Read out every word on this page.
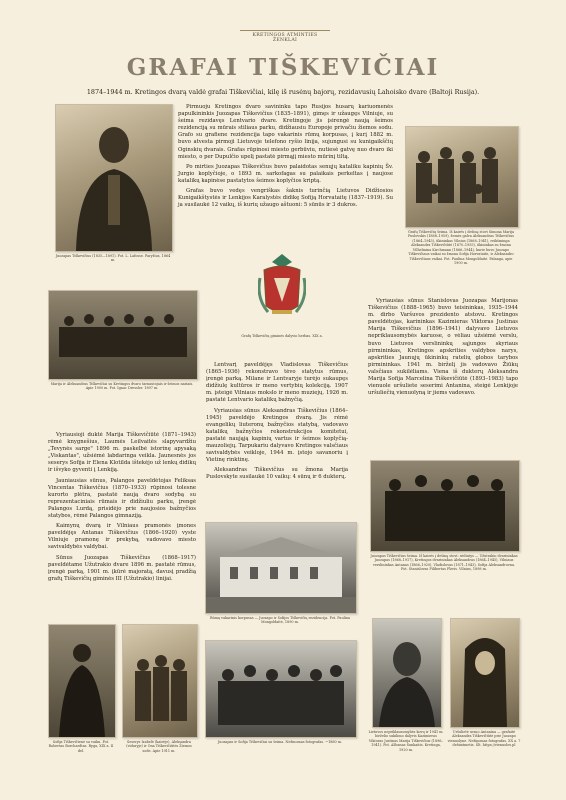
KRETINGOS ATMINTIES ŽENKLAI
GRAFAI TIŠKEVIČIAI
1874–1944 m. Kretingos dvarą valdė grafai Tiškevičiai, kilę iš rusėnų bajorų, rezidavusių Lahoisko dvare (Baltoji Rusija).
Juozapas Tiškevičius (1835—1891). Fot. L. Lafosse. Paryžius, 1864 m.

Pirmuoju Kretingos dvaro savininku tapo Rusijos husarų kariuomenės papulkininkis Juozapas Tiškevičius (1835–1891), gimęs ir užaugęs Vilniuje, su šeima rezidavęs Lentvario dvare. Kretingoje jis įsirengė naują šeimos rezidenciją su mūrais stiliaus parku, didžiausiu Europoje privačiu žiemos sodu. Grafo su grafiene rezidencija tapo vakarinis rūmų korpusas, į kurį 1882 m. buvo atvesta pirmoji Lietuvoje telefono ryšio linija, sujungusi su kunigaikščių Oginskių dvarais. Grafas rūpinosi miesto gerbūviu, nutiesė gatvę nuo dvaro iki miesto, o per Dupulčio upelį pastatė pirmąjį miesto mūrinį tiltą.

Po mirties Juozapas Tiškevičius buvo palaidotas senųjų kataliku kapinių Šv. Jurgio koplyčioje, o 1893 m. sarkofagas su palaikais perkeltas į naujose katalikų kapinėse pastatytos šeimos koplyčios kriptą.

Grafas buvo vedęs vengriškas šaknis turinčią Lietuvos Didžiosios Kunigaikštystės ir Lenkijos Karalystės didikę Sofiją Horvataitę (1837–1919). Su ja susilaukė 12 vaikų, iš kurių užaugo aštuoni: 5 sūnūs ir 3 dukros.

Grafų Tiškevičių šeima. Iš kairės į dešinę stovi Simona Marija Puslovskis (1888–1959), žemės galva Aleksandras Tiškevičius (1864–1945), ūkininkas Vilnius (1868–1941), reikšminga Aleksandra Tiškevičiūtė (1870–1955), ūkininkas su žmona Vilhelmina Kirchmann (1866–1944), kurie buvo Juozapo Tiškevičiaus vaikai su žmona Sofija Horvataite, ir Aleksandro Tiškevičiaus vaikai. Fot. Paulina Mongoldaitė. Palanga, apie 1900 m.
Grafų Tiškevičių giminės dalyvio herbas. XIX a.
Marija ir Aleksandras Tiškevičiai su Kretingos dvaro tarnautojais ir šeimos nariais. Apie 1900 m. Fot. Ignac Dressler. 1897 m.

Lentvarį paveldėjęs Vladislovas Tiškevičius (1865–1936) rekonstravo tėvo statytus rūmus, įrengė parką. Milane ir Lentvaryje turėjo sukaupęs didžiulę kultūros ir meno vertybių kolekciją. 1907 m. įsteigė Vilniaus mokslo ir meno muziejų. 1926 m. pastatė Lentvario katalikų bažnyčią.

Vyriausias sūnus Aleksandras Tiškevičius (1864–1945) paveldėjo Kretingos dvarą. Jis rėmė evangelikų liuteronų bažnyčios statybą, vadovavo katalikų bažnyčios rekonstrukcijos komitetui, pastatė naująją kapinių vartus ir šeimos koplyčią-mauzoliejų. Tarpukariu dalyvavo Kretingos valsčiaus savivaldybės veikloje, 1944 m. įstojo savanoriu į Vietinę rinktinę.

Aleksandras Tiškevičius su žmona Marija Puslovskyte susilaukė 10 vaikų: 4 sūnų ir 6 dukterų.

Vyriausias sūnus Stanislovas Juozapas Marijonas Tiškevičius (1888–1965) buvo teisininkas, 1935–1944 m. dirbo Varšuvos prezidento atstovu. Kretingos paveldėtojas, karininkas Kazimieras Viktoras Justinas Marija Tiškevičius (1896–1941) dalyvavo Lietuvos nepriklausomybės karuose, o vėliau užsiėmė verslu, buvo Lietuvos verslininkų sąjungos skyriaus pirmininkas, Kretingos apskrities valdybos narys, apskrities Jaunųjų ūkininkų ratelių globos tarybos pirmininkas. 1941 m. birželį jis vadovavo Žiūkų valsčiaus sukilėliams. Viena iš dukterų Aleksandra Marija Sofija Marcelina Tiškevičiūtė (1893–1983) tapo vienuole uršuliete seserimi Antanina, steigė Lenkijoje uršuliečių vienuolyną ir jiems vadovavo.

Juozapas Tiškevičius šeima. Iš kairės į dešinę stovi: sėdintys — Užutrakio dvarininkas Juozapas (1868–1917), Kretingos dvarininkas Aleksandras (1864–1945), Vilniaus verslininkas Antanas (1866–1920), Vladislovas (1871–1943), Sofija Aleksandrovna. Fot. Stanislovas Filibertas Fleris. Vilnius, 1898 m.

Vyriausioji duktė Marija Tiškevičiūtė (1871–1943) rėmė knygnešius, Laumės Leilvaitės slapyvardžiu „Tevynės sarge" 1896 m. paskelbė istorinę apysaką „Viskantas", užsiėmė labdaringa veikla. Jaunesnės jos seserys Sofija ir Elena Klotilda ištekėjo už lenkų didikų ir išvyko gyventi į Lenkiją.

Jauniausias sūnus, Palangos paveldėtojas Feliksas Vincentas Tiškevičius (1870–1933) rūpinosi tolesne kurorto plėtra, pastatė naują dvaro sodybą su reprezentaciniais rūmais ir didžiuliu parku, įrengė Palangos Lurdą, prisidėjo prie naujosios bažnyčios statybos, rėmė Palangos gimnaziją.

Kaimynų dvarą ir Vilniaus pramonės įmones paveldėjęs Antanas Tiškevičius (1866–1920) vyste Vilniuje pramonę ir prekybą, vadovavo miesto savivaldybės valdybai.

Sūnus Juozapas Tiškevičius (1868–1917) paveldėtame Užutrakio dvare 1896 m. pastatė rūmus, įrengė parką, 1901 m. įkūrė majoratą, davusį pradžią grafų Tiškevičių giminės III (Užutrakio) linijai.

Rūmų vakarinis korpusas — Juozapo ir Sofijos Tiškevičių rezidencija. Fot. Paulina Mongoldaitė, 1890 m.
Sofija Tiškevičienė su vaiku. Fot. Robertas Borchardtas. Ryga, XIX a. II del.
Seserys Izabelė (kairėje), Aleksandra (viduryje) ir Ona Tiškevičiūtės Žiemos sode. Apie 1911 m.
Juozapas ir Sofija Tiškevičiai su šeima. Nežinomas fotografas. ~1880 m.
Lietuvos nepriklausomybės kovų ir 1941 m. birželio sukilimo dalyvis Kazimieras Viktoras Justinas Marija Tiškevičius (1896–1941). Fot. Alfonsas Sunkaitis. Kretinga, 1920 m.
Uršulietė sesuo Antanina — grafaitė Aleksandra Tiškevičiūtė prie Juozapo vienuolyne. Nežinomas fotografas. XX a. 7 dešimtmetis. Šlt. https://vienuoles.pl
